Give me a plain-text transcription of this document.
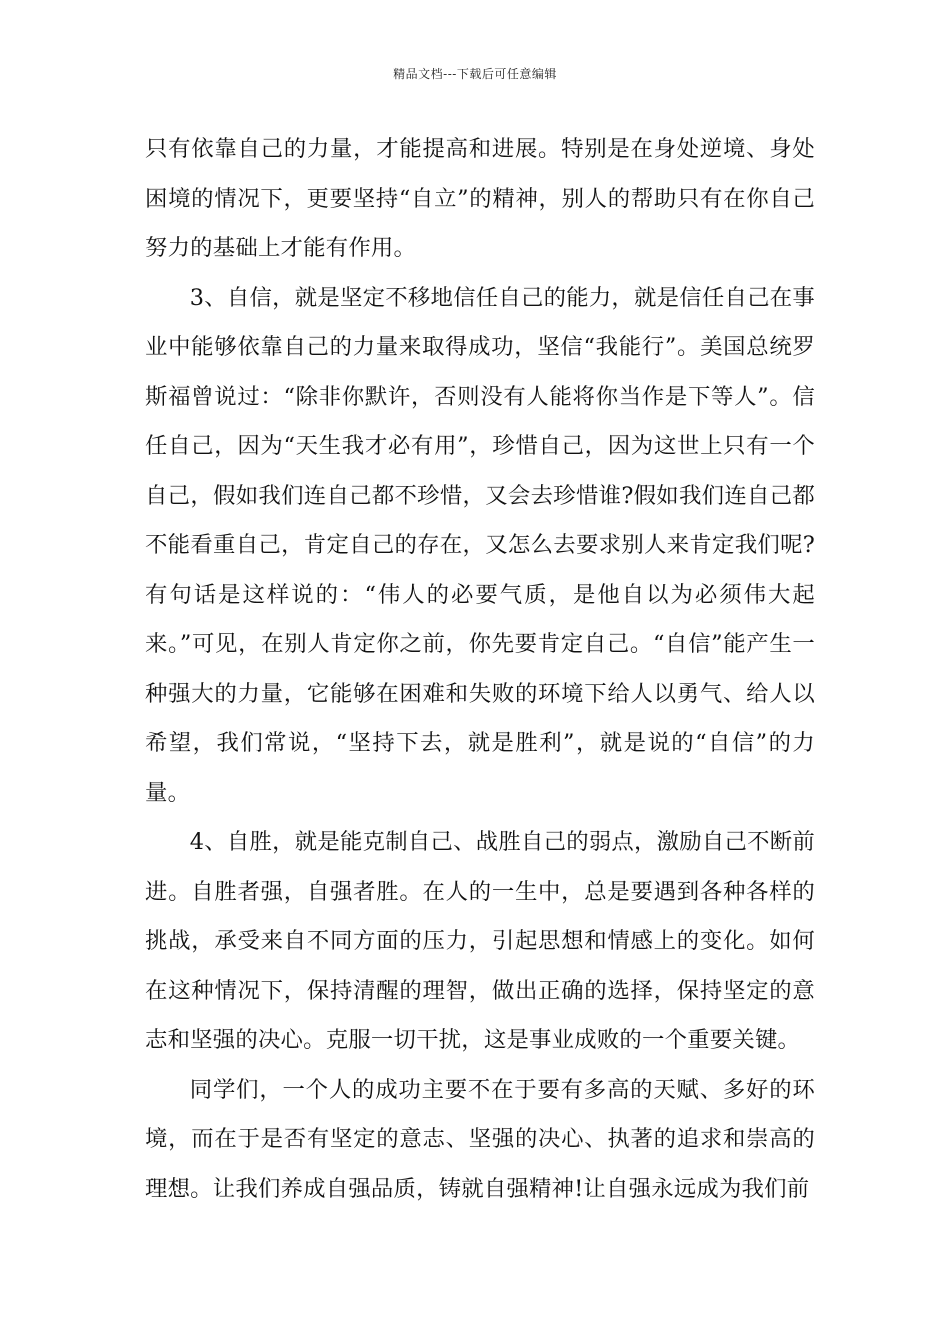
精品文档---下载后可任意编辑

只有依靠自己的力量，才能提高和进展。特别是在身处逆境、身处困境的情况下，更要坚持“自立”的精神，别人的帮助只有在你自己努力的基础上才能有作用。

3、自信，就是坚定不移地信任自己的能力，就是信任自己在事业中能够依靠自己的力量来取得成功，坚信“我能行”。美国总统罗斯福曾说过：“除非你默许，否则没有人能将你当作是下等人”。信任自己，因为“天生我才必有用”，珍惜自己，因为这世上只有一个自己，假如我们连自己都不珍惜，又会去珍惜谁?假如我们连自己都不能看重自己，肯定自己的存在，又怎么去要求别人来肯定我们呢?有句话是这样说的：“伟人的必要气质，是他自以为必须伟大起来。”可见，在别人肯定你之前，你先要肯定自己。“自信”能产生一种强大的力量，它能够在困难和失败的环境下给人以勇气、给人以希望，我们常说，“坚持下去，就是胜利”，就是说的“自信”的力量。

4、自胜，就是能克制自己、战胜自己的弱点，激励自己不断前进。自胜者强，自强者胜。在人的一生中，总是要遇到各种各样的挑战，承受来自不同方面的压力，引起思想和情感上的变化。如何在这种情况下，保持清醒的理智，做出正确的选择，保持坚定的意志和坚强的决心。克服一切干扰，这是事业成败的一个重要关键。

同学们，一个人的成功主要不在于要有多高的天赋、多好的环境，而在于是否有坚定的意志、坚强的决心、执著的追求和崇高的理想。让我们养成自强品质，铸就自强精神!让自强永远成为我们前
